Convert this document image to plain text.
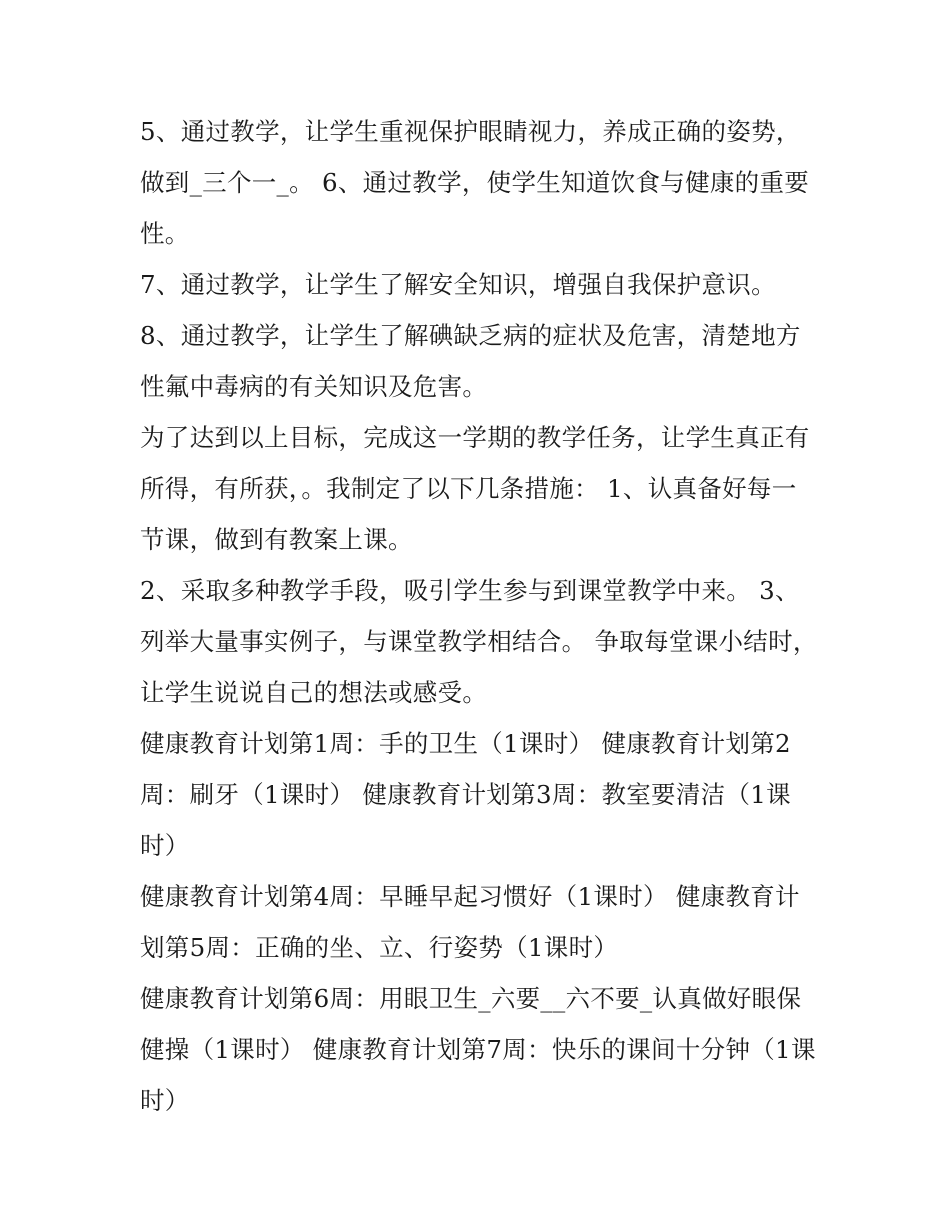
5、通过教学，让学生重视保护眼睛视力，养成正确的姿势，做到_三个一_。 6、通过教学，使学生知道饮食与健康的重要性。

7、通过教学，让学生了解安全知识，增强自我保护意识。

8、通过教学，让学生了解碘缺乏病的症状及危害，清楚地方性氟中毒病的有关知识及危害。

为了达到以上目标，完成这一学期的教学任务，让学生真正有所得，有所获，。我制定了以下几条措施： 1、认真备好每一节课，做到有教案上课。

2、采取多种教学手段，吸引学生参与到课堂教学中来。 3、列举大量事实例子，与课堂教学相结合。 争取每堂课小结时，让学生说说自己的想法或感受。

健康教育计划第1周：手的卫生（1课时） 健康教育计划第2周：刷牙（1课时） 健康教育计划第3周：教室要清洁（1课时）

健康教育计划第4周：早睡早起习惯好（1课时） 健康教育计划第5周：正确的坐、立、行姿势（1课时）

健康教育计划第6周：用眼卫生_六要__六不要_认真做好眼保健操（1课时） 健康教育计划第7周：快乐的课间十分钟（1课时）
